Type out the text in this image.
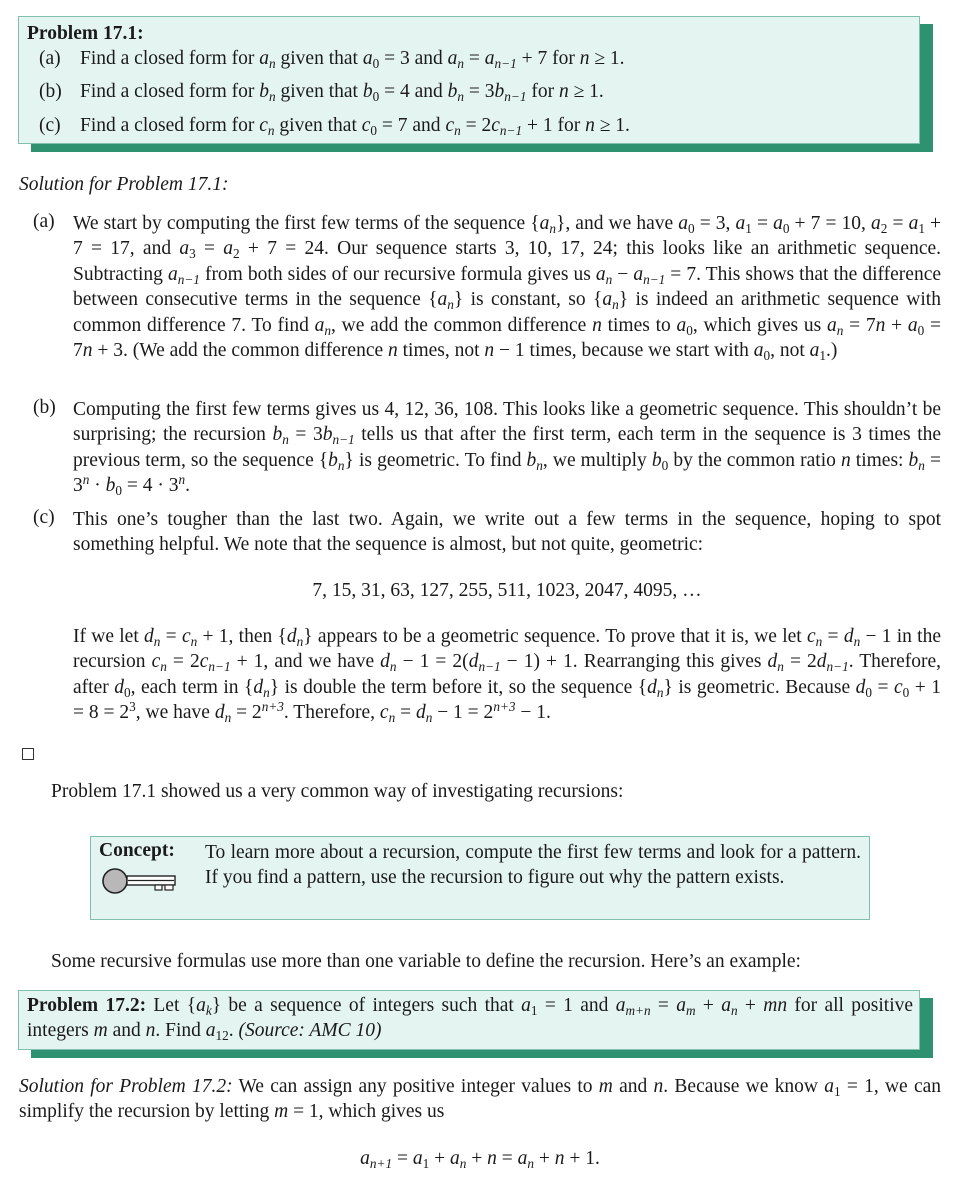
Problem 17.1:
(a) Find a closed form for $a_n$ given that $a_0 = 3$ and $a_n = a_{n-1} + 7$ for n ≥ 1.
(b) Find a closed form for $b_n$ given that $b_0 = 4$ and $b_n = 3b_{n-1}$ for n ≥ 1.
(c) Find a closed form for $c_n$ given that $c_0 = 7$ and $c_n = 2c_{n-1} + 1$ for n ≥ 1.
Solution for Problem 17.1:
(a) We start by computing the first few terms of the sequence $\{a_n\}$, and we have $a_0 = 3$, $a_1 = a_0 + 7 = 10$, $a_2 = a_1 + 7 = 17$, and $a_3 = a_2 + 7 = 24$. Our sequence starts 3, 10, 17, 24; this looks like an arithmetic sequence. Subtracting $a_{n-1}$ from both sides of our recursive formula gives us $a_n - a_{n-1} = 7$. This shows that the difference between consecutive terms in the sequence $\{a_n\}$ is constant, so $\{a_n\}$ is indeed an arithmetic sequence with common difference 7. To find $a_n$, we add the common difference n times to $a_0$, which gives us $a_n = 7n + a_0 = 7n + 3$. (We add the common difference n times, not n − 1 times, because we start with $a_0$, not $a_1$.)
(b) Computing the first few terms gives us 4, 12, 36, 108. This looks like a geometric sequence. This shouldn’t be surprising; the recursion $b_n = 3b_{n-1}$ tells us that after the first term, each term in the sequence is 3 times the previous term, so the sequence $\{b_n\}$ is geometric. To find $b_n$, we multiply $b_0$ by the common ratio n times: $b_n = 3^n \cdot b_0 = 4 \cdot 3^n$.
(c) This one’s tougher than the last two. Again, we write out a few terms in the sequence, hoping to spot something helpful. We note that the sequence is almost, but not quite, geometric:
7, 15, 31, 63, 127, 255, 511, 1023, 2047, 4095, …
If we let $d_n = c_n + 1$, then $\{d_n\}$ appears to be a geometric sequence. To prove that it is, we let $c_n = d_n - 1$ in the recursion $c_n = 2c_{n-1} + 1$, and we have $d_n - 1 = 2(d_{n-1} - 1) + 1$. Rearranging this gives $d_n = 2d_{n-1}$. Therefore, after $d_0$, each term in $\{d_n\}$ is double the term before it, so the sequence $\{d_n\}$ is geometric. Because $d_0 = c_0 + 1 = 8 = 2^3$, we have $d_n = 2^{n+3}$. Therefore, $c_n = d_n - 1 = 2^{n+3} - 1$.
Problem 17.1 showed us a very common way of investigating recursions:
Concept: To learn more about a recursion, compute the first few terms and look for a pattern. If you find a pattern, use the recursion to figure out why the pattern exists.
Some recursive formulas use more than one variable to define the recursion. Here’s an example:
Problem 17.2: Let $\{a_k\}$ be a sequence of integers such that $a_1 = 1$ and $a_{m+n} = a_m + a_n$ + mn for all positive integers m and n. Find $a_{12}$. (Source: AMC 10)
Solution for Problem 17.2: We can assign any positive integer values to m and n. Because we know $a_1 = 1$, we can simplify the recursion by letting m = 1, which gives us
$a_{n+1} = a_1 + a_n + n = a_n + n + 1$.
